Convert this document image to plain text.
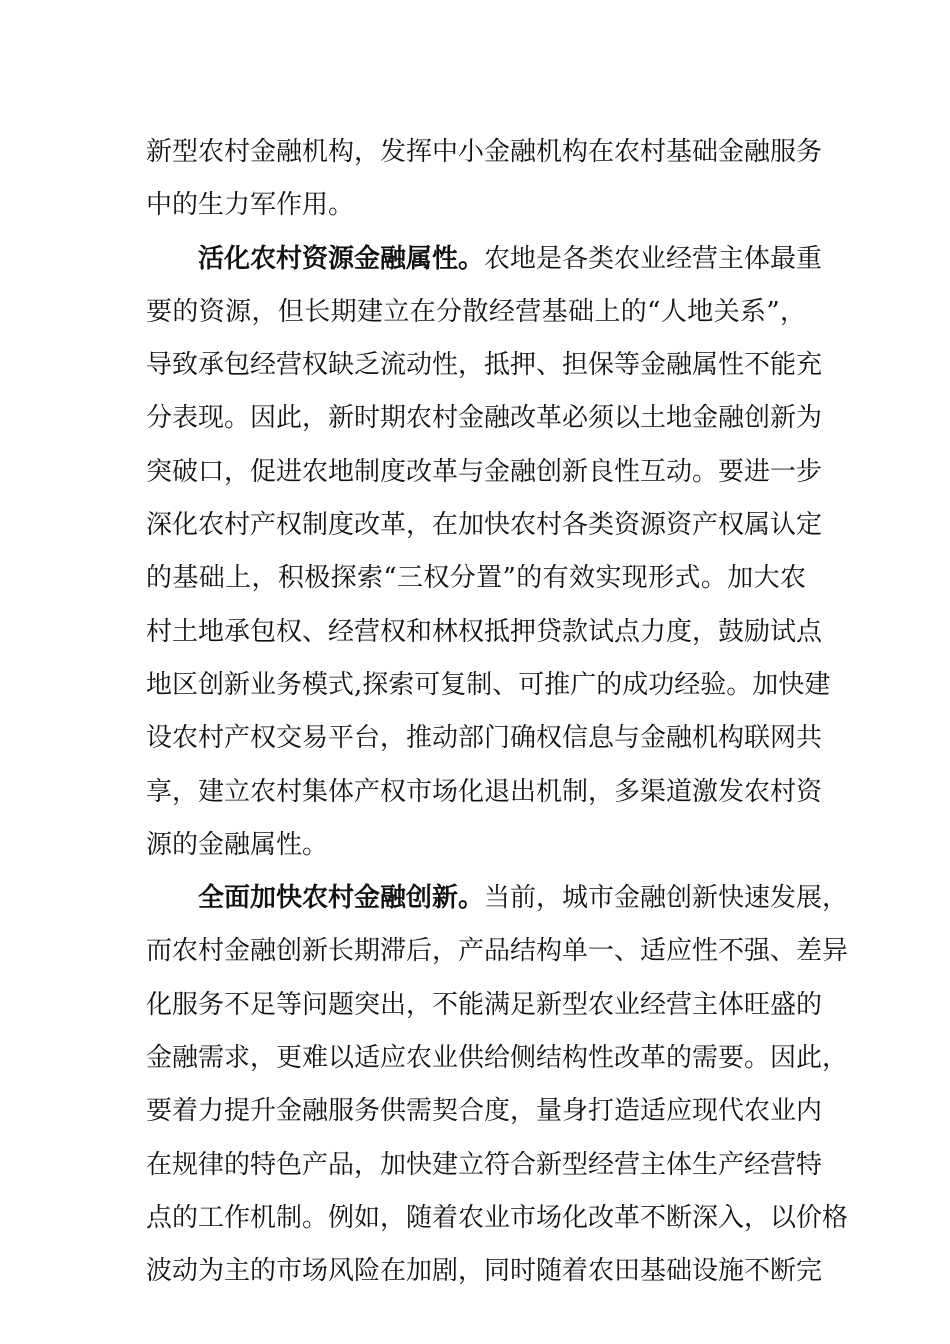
新型农村金融机构，发挥中小金融机构在农村基础金融服务
中的生力军作用。
活化农村资源金融属性。农地是各类农业经营主体最重
要的资源，但长期建立在分散经营基础上的“人地关系”，
导致承包经营权缺乏流动性，抵押、担保等金融属性不能充
分表现。因此，新时期农村金融改革必须以土地金融创新为
突破口，促进农地制度改革与金融创新良性互动。要进一步
深化农村产权制度改革，在加快农村各类资源资产权属认定
的基础上，积极探索“三权分置”的有效实现形式。加大农
村土地承包权、经营权和林权抵押贷款试点力度，鼓励试点
地区创新业务模式,探索可复制、可推广的成功经验。加快建
设农村产权交易平台，推动部门确权信息与金融机构联网共
享，建立农村集体产权市场化退出机制，多渠道激发农村资
源的金融属性。
全面加快农村金融创新。当前，城市金融创新快速发展，
而农村金融创新长期滞后，产品结构单一、适应性不强、差异
化服务不足等问题突出，不能满足新型农业经营主体旺盛的
金融需求，更难以适应农业供给侧结构性改革的需要。因此，
要着力提升金融服务供需契合度，量身打造适应现代农业内
在规律的特色产品，加快建立符合新型经营主体生产经营特
点的工作机制。例如，随着农业市场化改革不断深入，以价格
波动为主的市场风险在加剧，同时随着农田基础设施不断完
